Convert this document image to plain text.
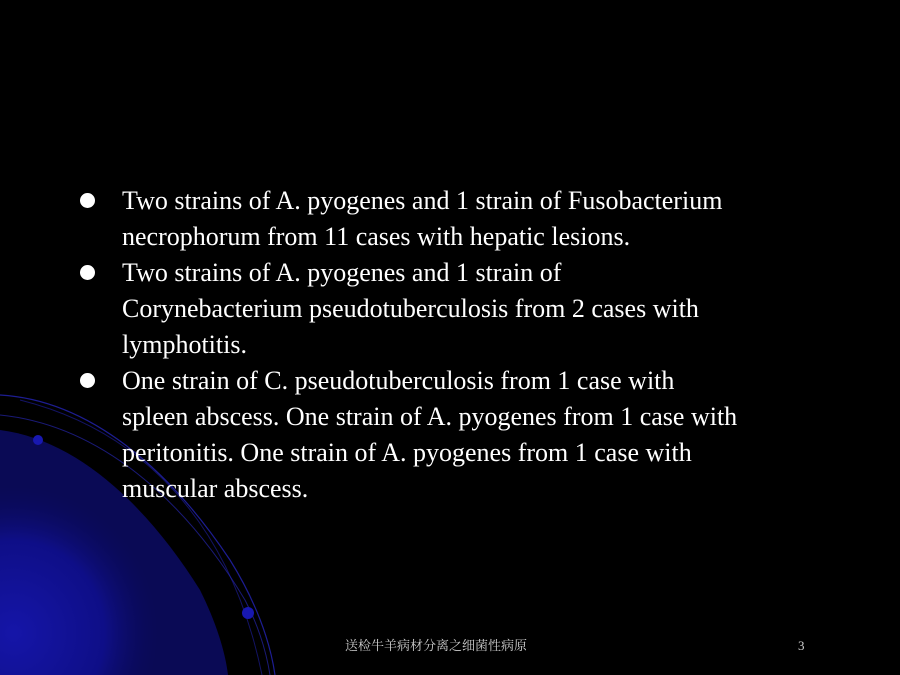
Two strains of A. pyogenes and 1 strain of Fusobacterium
necrophorum from 11 cases with hepatic lesions.
Two strains of A. pyogenes and 1 strain of
Corynebacterium pseudotuberculosis from 2 cases with
lymphotitis.
One strain of C. pseudotuberculosis from 1 case with
spleen abscess. One strain of A. pyogenes from 1 case with
peritonitis. One strain of A. pyogenes from 1 case with
muscular abscess.
送检牛羊病材分离之细菌性病原	3
